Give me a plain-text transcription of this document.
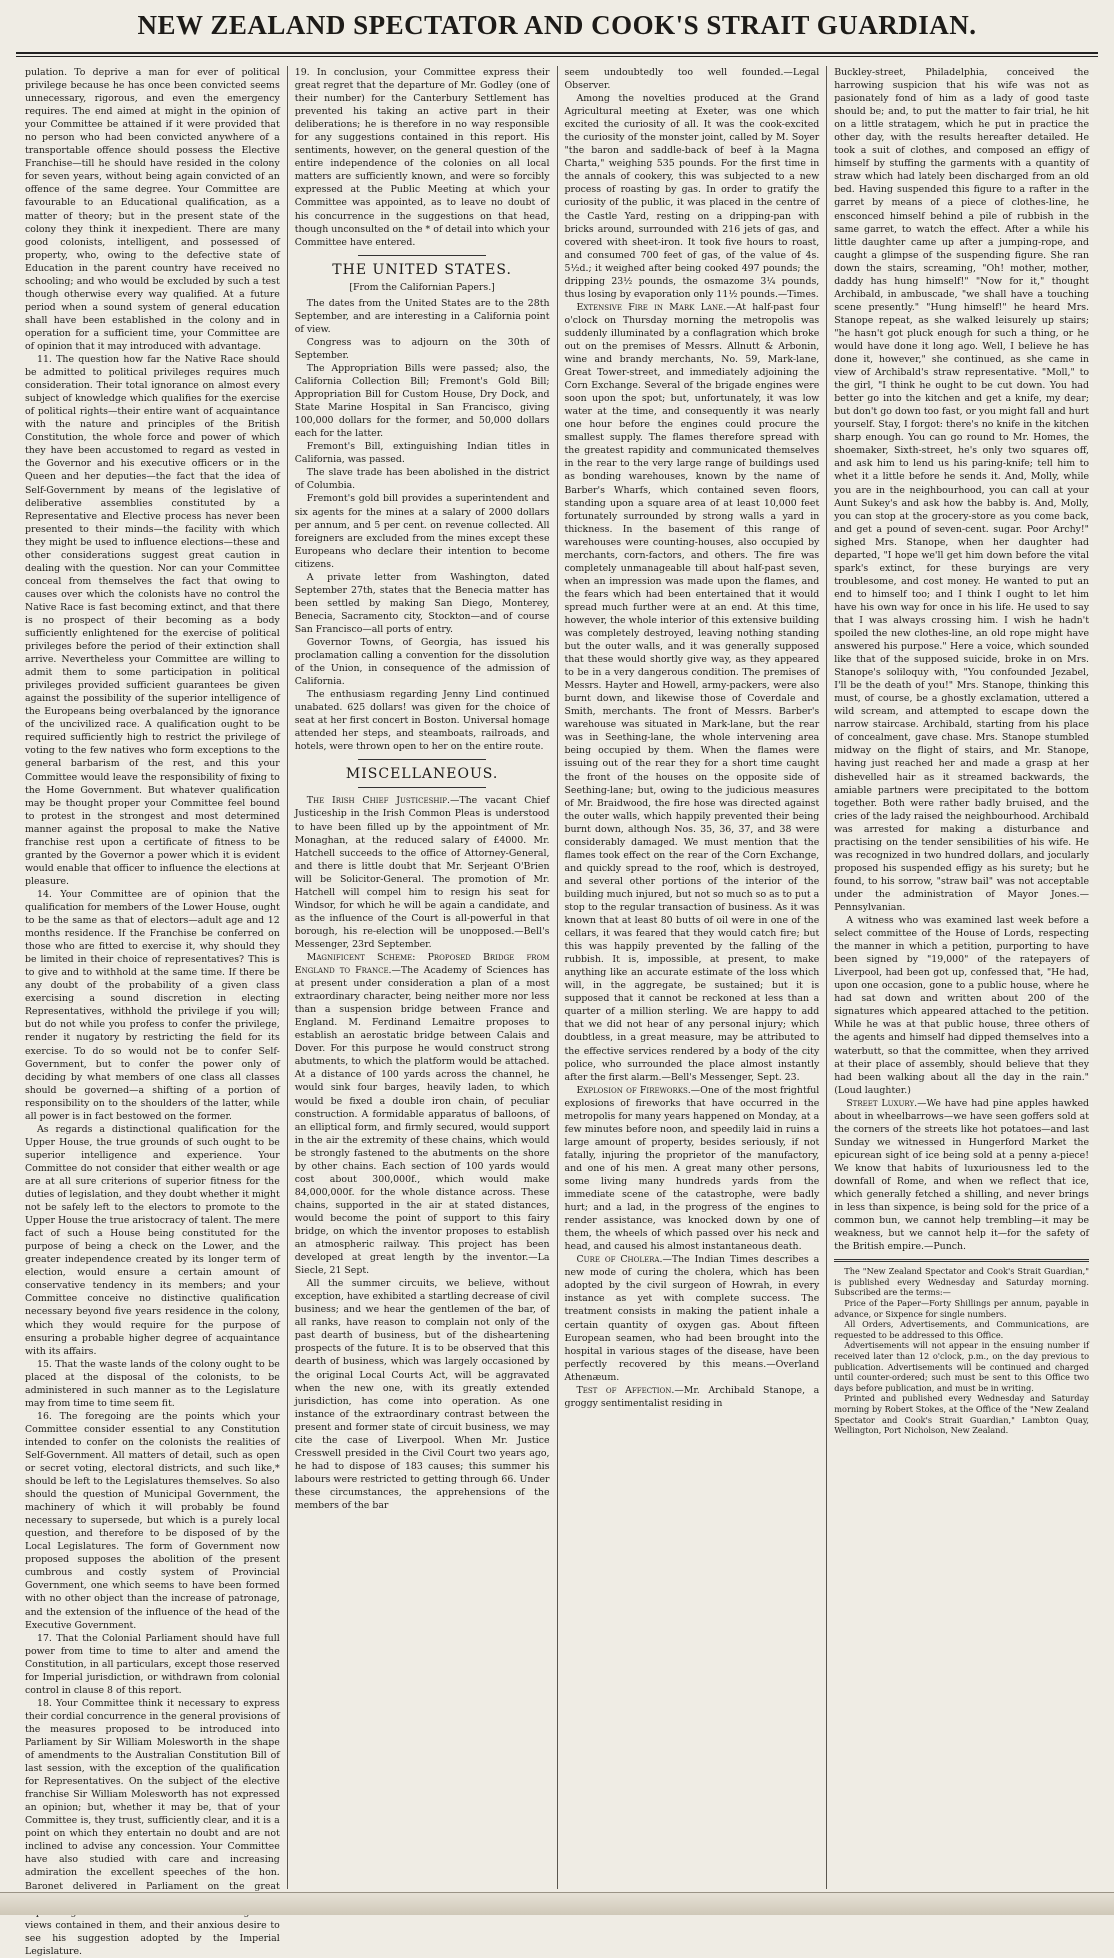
NEW ZEALAND SPECTATOR AND COOK'S STRAIT GUARDIAN.

pulation. To deprive a man for ever of political privilege because he has once been convicted seems unnecessary, rigorous, and even the emergency requires. The end aimed at might in the opinion of your Committee be attained if it were provided that no person who had been convicted anywhere of a transportable offence should possess the Elective Franchise—till he should have resided in the colony for seven years, without being again convicted of an offence of the same degree. Your Committee are favourable to an Educational qualification, as a matter of theory; but in the present state of the colony they think it inexpedient. There are many good colonists, intelligent, and possessed of property, who, owing to the defective state of Education in the parent country have received no schooling; and who would be excluded by such a test though otherwise every way qualified. At a future period when a sound system of general education shall have been established in the colony and in operation for a sufficient time, your Committee are of opinion that it may introduced with advantage.

11. The question how far the Native Race should be admitted to political privileges requires much consideration. Their total ignorance on almost every subject of knowledge which qualifies for the exercise of political rights—their entire want of acquaintance with the nature and principles of the British Constitution, the whole force and power of which they have been accustomed to regard as vested in the Governor and his executive officers or in the Queen and her deputies—the fact that the idea of Self-Government by means of the legislative of deliberative assemblies constituted by a Representative and Elective process has never been presented to their minds—the facility with which they might be used to influence elections—these and other considerations suggest great caution in dealing with the question. Nor can your Committee conceal from themselves the fact that owing to causes over which the colonists have no control the Native Race is fast becoming extinct, and that there is no prospect of their becoming as a body sufficiently enlightened for the exercise of political privileges before the period of their extinction shall arrive. Nevertheless your Committee are willing to admit them to some participation in political privileges provided sufficient guarantees be given against the possibility of the superior intelligence of the Europeans being overbalanced by the ignorance of the uncivilized race. A qualification ought to be required sufficiently high to restrict the privilege of voting to the few natives who form exceptions to the general barbarism of the rest, and this your Committee would leave the responsibility of fixing to the Home Government. But whatever qualification may be thought proper your Committee feel bound to protest in the strongest and most determined manner against the proposal to make the Native franchise rest upon a certificate of fitness to be granted by the Governor a power which it is evident would enable that officer to influence the elections at pleasure.

14. Your Committee are of opinion that the qualification for members of the Lower House, ought to be the same as that of electors—adult age and 12 months residence. If the Franchise be conferred on those who are fitted to exercise it, why should they be limited in their choice of representatives? This is to give and to withhold at the same time. If there be any doubt of the probability of a given class exercising a sound discretion in electing Representatives, withhold the privilege if you will; but do not while you profess to confer the privilege, render it nugatory by restricting the field for its exercise. To do so would not be to confer Self-Government, but to confer the power only of deciding by what members of one class all classes should be governed—a shifting of a portion of responsibility on to the shoulders of the latter, while all power is in fact bestowed on the former.

As regards a distinctional qualification for the Upper House, the true grounds of such ought to be superior intelligence and experience. Your Committee do not consider that either wealth or age are at all sure criterions of superior fitness for the duties of legislation, and they doubt whether it might not be safely left to the electors to promote to the Upper House the true aristocracy of talent. The mere fact of such a House being constituted for the purpose of being a check on the Lower, and the greater independence created by its longer term of election, would ensure a certain amount of conservative tendency in its members; and your Committee conceive no distinctive qualification necessary beyond five years residence in the colony, which they would require for the purpose of ensuring a probable higher degree of acquaintance with its affairs.

15. That the waste lands of the colony ought to be placed at the disposal of the colonists, to be administered in such manner as to the Legislature may from time to time seem fit.

16. The foregoing are the points which your Committee consider essential to any Constitution intended to confer on the colonists the realities of Self-Government. All matters of detail, such as open or secret voting, electoral districts, and such like,* should be left to the Legislatures themselves. So also should the question of Municipal Government, the machinery of which it will probably be found necessary to supersede, but which is a purely local question, and therefore to be disposed of by the Local Legislatures. The form of Government now proposed supposes the abolition of the present cumbrous and costly system of Provincial Government, one which seems to have been formed with no other object than the increase of patronage, and the extension of the influence of the head of the Executive Government.

17. That the Colonial Parliament should have full power from time to time to alter and amend the Constitution, in all particulars, except those reserved for Imperial jurisdiction, or withdrawn from colonial control in clause 8 of this report.

18. Your Committee think it necessary to express their cordial concurrence in the general provisions of the measures proposed to be introduced into Parliament by Sir William Molesworth in the shape of amendments to the Australian Constitution Bill of last session, with the exception of the qualification for Representatives. On the subject of the elective franchise Sir William Molesworth has not expressed an opinion; but, whether it may be, that of your Committee is, they trust, sufficiently clear, and it is a point on which they entertain no doubt and are not inclined to advise any concession. Your Committee have also studied with care and increasing admiration the excellent speeches of the hon. Baronet delivered in Parliament on the great views contained in them, and their anxious desire to see his suggestion adopted by the Imperial Legislature.

19. In conclusion, your Committee express their great regret that the departure of Mr. Godley (one of their number) for the Canterbury Settlement has prevented his taking an active part in their deliberations; he is therefore in no way responsible for any suggestions contained in this report. His sentiments, however, on the general question of the entire independence of the colonies on all local matters are sufficiently known, and were so forcibly expressed at the Public Meeting at which your Committee was appointed, as to leave no doubt of his concurrence in the suggestions on that head, though unconsulted on the * of detail into which your Committee have entered.

THE UNITED STATES.

[From the Californian Papers.]

The dates from the United States are to the 28th September, and are interesting in a California point of view.

Congress was to adjourn on the 30th of September.

The Appropriation Bills were passed; also, the California Collection Bill; Fremont's Gold Bill; Appropriation Bill for Custom House, Dry Dock, and State Marine Hospital in San Francisco, giving 100,000 dollars for the former, and 50,000 dollars each for the latter.

Fremont's Bill, extinguishing Indian titles in California, was passed.

The slave trade has been abolished in the district of Columbia.

Fremont's gold bill provides a superintendent and six agents for the mines at a salary of 2000 dollars per annum, and 5 per cent. on revenue collected. All foreigners are excluded from the mines except these Europeans who declare their intention to become citizens.

A private letter from Washington, dated September 27th, states that the Benecia matter has been settled by making San Diego, Monterey, Benecia, Sacramento city, Stockton—and of course San Francisco—all ports of entry.

Governor Towns, of Georgia, has issued his proclamation calling a convention for the dissolution of the Union, in consequence of the admission of California.

The enthusiasm regarding Jenny Lind continued unabated. 625 dollars! was given for the choice of seat at her first concert in Boston. Universal homage attended her steps, and steamboats, railroads, and hotels, were thrown open to her on the entire route.

MISCELLANEOUS.

The Irish Chief Justiceship.—The vacant Chief Justiceship in the Irish Common Pleas is understood to have been filled up by the appointment of Mr. Monaghan, at the reduced salary of £4000. Mr. Hatchell succeeds to the office of Attorney-General, and there is little doubt that Mr. Serjeant O'Brien will be Solicitor-General. The promotion of Mr. Hatchell will compel him to resign his seat for Windsor, for which he will be again a candidate, and as the influence of the Court is all-powerful in that borough, his re-election will be unopposed.—Bell's Messenger, 23rd September.

Magnificent Scheme: Proposed Bridge from England to France.—The Academy of Sciences has at present under consideration a plan of a most extraordinary character, being neither more nor less than a suspension bridge between France and England. M. Ferdinand Lemaitre proposes to establish an aerostatic bridge between Calais and Dover. For this purpose he would construct strong abutments, to which the platform would be attached. At a distance of 100 yards across the channel, he would sink four barges, heavily laden, to which would be fixed a double iron chain, of peculiar construction. A formidable apparatus of balloons, of an elliptical form, and firmly secured, would support in the air the extremity of these chains, which would be strongly fastened to the abutments on the shore by other chains. Each section of 100 yards would cost about 300,000f., which would make 84,000,000f. for the whole distance across. These chains, supported in the air at stated distances, would become the point of support to this fairy bridge, on which the inventor proposes to establish an atmospheric railway. This project has been developed at great length by the inventor.—La Siecle, 21 Sept.

All the summer circuits, we believe, without exception, have exhibited a startling decrease of civil business; and we hear the gentlemen of the bar, of all ranks, have reason to complain not only of the past dearth of business, but of the disheartening prospects of the future. It is to be observed that this dearth of business, which was largely occasioned by the original Local Courts Act, will be aggravated when the new one, with its greatly extended jurisdiction, has come into operation. As one instance of the extraordinary contrast between the present and former state of circuit business, we may cite the case of Liverpool. When Mr. Justice Cresswell presided in the Civil Court two years ago, he had to dispose of 183 causes; this summer his labours were restricted to getting through 66. Under these circumstances, the apprehensions of the members of the bar

seem undoubtedly too well founded.—Legal Observer.

Among the novelties produced at the Grand Agricultural meeting at Exeter, was one which excited the curiosity of all. It was the cook-excited the curiosity of the monster joint, called by M. Soyer "the baron and saddle-back of beef à la Magna Charta," weighing 535 pounds. For the first time in the annals of cookery, this was subjected to a new process of roasting by gas. In order to gratify the curiosity of the public, it was placed in the centre of the Castle Yard, resting on a dripping-pan with bricks around, surrounded with 216 jets of gas, and covered with sheet-iron. It took five hours to roast, and consumed 700 feet of gas, of the value of 4s. 5½d.; it weighed after being cooked 497 pounds; the dripping 23½ pounds, the osmazome 3¼ pounds, thus losing by evaporation only 11½ pounds.—Times.

Extensive Fire in Mark Lane.—At half-past four o'clock on Thursday morning the metropolis was suddenly illuminated by a conflagration which broke out on the premises of Messrs. Allnutt & Arbonin, wine and brandy merchants, No. 59, Mark-lane, Great Tower-street, and immediately adjoining the Corn Exchange. Several of the brigade engines were soon upon the spot; but, unfortunately, it was low water at the time, and consequently it was nearly one hour before the engines could procure the smallest supply. The flames therefore spread with the greatest rapidity and communicated themselves in the rear to the very large range of buildings used as bonding warehouses, known by the name of Barber's Wharfs, which contained seven floors, standing upon a square area of at least 10,000 feet fortunately surrounded by strong walls a yard in thickness. In the basement of this range of warehouses were counting-houses, also occupied by merchants, corn-factors, and others. The fire was completely unmanageable till about half-past seven, when an impression was made upon the flames, and the fears which had been entertained that it would spread much further were at an end. At this time, however, the whole interior of this extensive building was completely destroyed, leaving nothing standing but the outer walls, and it was generally supposed that these would shortly give way, as they appeared to be in a very dangerous condition. The premises of Messrs. Hayter and Howell, army-packers, were also burnt down, and likewise those of Coverdale and Smith, merchants. The front of Messrs. Barber's warehouse was situated in Mark-lane, but the rear was in Seething-lane, the whole intervening area being occupied by them. When the flames were issuing out of the rear they for a short time caught the front of the houses on the opposite side of Seething-lane; but, owing to the judicious measures of Mr. Braidwood, the fire hose was directed against the outer walls, which happily prevented their being burnt down, although Nos. 35, 36, 37, and 38 were considerably damaged. We must mention that the flames took effect on the rear of the Corn Exchange, and quickly spread to the roof, which is destroyed, and several other portions of the interior of the building much injured, but not so much so as to put a stop to the regular transaction of business. As it was known that at least 80 butts of oil were in one of the cellars, it was feared that they would catch fire; but this was happily prevented by the falling of the rubbish. It is, impossible, at present, to make anything like an accurate estimate of the loss which will, in the aggregate, be sustained; but it is supposed that it cannot be reckoned at less than a quarter of a million sterling. We are happy to add that we did not hear of any personal injury; which doubtless, in a great measure, may be attributed to the effective services rendered by a body of the city police, who surrounded the place almost instantly after the first alarm.—Bell's Messenger, Sept. 23.

Explosion of Fireworks.—One of the most frightful explosions of fireworks that have occurred in the metropolis for many years happened on Monday, at a few minutes before noon, and speedily laid in ruins a large amount of property, besides seriously, if not fatally, injuring the proprietor of the manufactory, and one of his men. A great many other persons, some living many hundreds yards from the immediate scene of the catastrophe, were badly hurt; and a lad, in the progress of the engines to render assistance, was knocked down by one of them, the wheels of which passed over his neck and head, and caused his almost instantaneous death.

Cure of Cholera.—The Indian Times describes a new mode of curing the cholera, which has been adopted by the civil surgeon of Howrah, in every instance as yet with complete success. The treatment consists in making the patient inhale a certain quantity of oxygen gas. About fifteen European seamen, who had been brought into the hospital in various stages of the disease, have been perfectly recovered by this means.—Overland Athenæum.

Test of Affection.—Mr. Archibald Stanope, a groggy sentimentalist residing in

Buckley-street, Philadelphia, conceived the harrowing suspicion that his wife was not as pasionately fond of him as a lady of good taste should be; and, to put the matter to fair trial, he hit on a little stratagem, which he put in practice the other day, with the results hereafter detailed. He took a suit of clothes, and composed an effigy of himself by stuffing the garments with a quantity of straw which had lately been discharged from an old bed. Having suspended this figure to a rafter in the garret by means of a piece of clothes-line, he ensconced himself behind a pile of rubbish in the same garret, to watch the effect. After a while his little daughter came up after a jumping-rope, and caught a glimpse of the suspending figure. She ran down the stairs, screaming, "Oh! mother, mother, daddy has hung himself!" "Now for it," thought Archibald, in ambuscade, "we shall have a touching scene presently." "Hung himself!" he heard Mrs. Stanope repeat, as she walked leisurely up stairs; "he hasn't got pluck enough for such a thing, or he would have done it long ago. Well, I believe he has done it, however," she continued, as she came in view of Archibald's straw representative. "Moll," to the girl, "I think he ought to be cut down. You had better go into the kitchen and get a knife, my dear; but don't go down too fast, or you might fall and hurt yourself. Stay, I forgot: there's no knife in the kitchen sharp enough. You can go round to Mr. Homes, the shoemaker, Sixth-street, he's only two squares off, and ask him to lend us his paring-knife; tell him to whet it a little before he sends it. And, Molly, while you are in the neighbourhood, you can call at your Aunt Sukey's and ask how the babby is. And, Molly, you can stop at the grocery-store as you come back, and get a pound of seven-cent. sugar. Poor Archy!" sighed Mrs. Stanope, when her daughter had departed, "I hope we'll get him down before the vital spark's extinct, for these buryings are very troublesome, and cost money. He wanted to put an end to himself too; and I think I ought to let him have his own way for once in his life. He used to say that I was always crossing him. I wish he hadn't spoiled the new clothes-line, an old rope might have answered his purpose." Here a voice, which sounded like that of the supposed suicide, broke in on Mrs. Stanope's soliloquy with, "You confounded Jezabel, I'll be the death of you!" Mrs. Stanope, thinking this must, of course, be a ghostly exclamation, uttered a wild scream, and attempted to escape down the narrow staircase. Archibald, starting from his place of concealment, gave chase. Mrs. Stanope stumbled midway on the flight of stairs, and Mr. Stanope, having just reached her and made a grasp at her dishevelled hair as it streamed backwards, the amiable partners were precipitated to the bottom together. Both were rather badly bruised, and the cries of the lady raised the neighbourhood. Archibald was arrested for making a disturbance and practising on the tender sensibilities of his wife. He was recognized in two hundred dollars, and jocularly proposed his suspended effigy as his surety; but he found, to his sorrow, "straw bail" was not acceptable under the administration of Mayor Jones.—Pennsylvanian.

A witness who was examined last week before a select committee of the House of Lords, respecting the manner in which a petition, purporting to have been signed by "19,000" of the ratepayers of Liverpool, had been got up, confessed that, "He had, upon one occasion, gone to a public house, where he had sat down and written about 200 of the signatures which appeared attached to the petition. While he was at that public house, three others of the agents and himself had dipped themselves into a waterbutt, so that the committee, when they arrived at their place of assembly, should believe that they had been walking about all the day in the rain." (Loud laughter.)

Street Luxury.—We have had pine apples hawked about in wheelbarrows—we have seen goffers sold at the corners of the streets like hot potatoes—and last Sunday we witnessed in Hungerford Market the epicurean sight of ice being sold at a penny a-piece! We know that habits of luxuriousness led to the downfall of Rome, and when we reflect that ice, which generally fetched a shilling, and never brings in less than sixpence, is being sold for the price of a common bun, we cannot help trembling—it may be weakness, but we cannot help it—for the safety of the British empire.—Punch.

The "New Zealand Spectator and Cook's Strait Guardian," is published every Wednesday and Saturday morning. Subscribed are the terms:—

Price of the Paper—Forty Shillings per annum, payable in advance, or Sixpence for single numbers.

All Orders, Advertisements, and Communications, are requested to be addressed to this Office.

Advertisements will not appear in the ensuing number if received later than 12 o'clock, p.m., on the day previous to publication. Advertisements will be continued and charged until counter-ordered; such must be sent to this Office two days before publication, and must be in writing.

Printed and published every Wednesday and Saturday morning by Robert Stokes, at the Office of the "New Zealand Spectator and Cook's Strait Guardian," Lambton Quay, Wellington, Port Nicholson, New Zealand.
